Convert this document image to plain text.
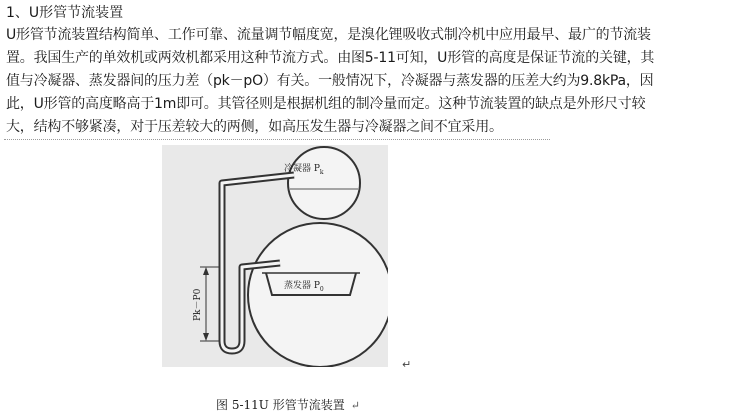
1、U形管节流装置
U形管节流装置结构简单、工作可靠、流量调节幅度宽，是溴化锂吸收式制冷机中应用最早、最广的节流装
置。我国生产的单效机或两效机都采用这种节流方式。由图5-11可知，U形管的高度是保证节流的关键，其
值与冷凝器、蒸发器间的压力差（pk－pO）有关。一般情况下，冷凝器与蒸发器的压差大约为9.8kPa，因
此，U形管的高度略高于1m即可。其管径则是根据机组的制冷量而定。这种节流装置的缺点是外形尺寸较
大，结构不够紧凑，对于压差较大的两侧，如高压发生器与冷凝器之间不宜采用。
冷凝器 $P_k$
蒸发器 $P_0$
Pk－P0
↵
图 5-11U 形管节流装置 ↵
